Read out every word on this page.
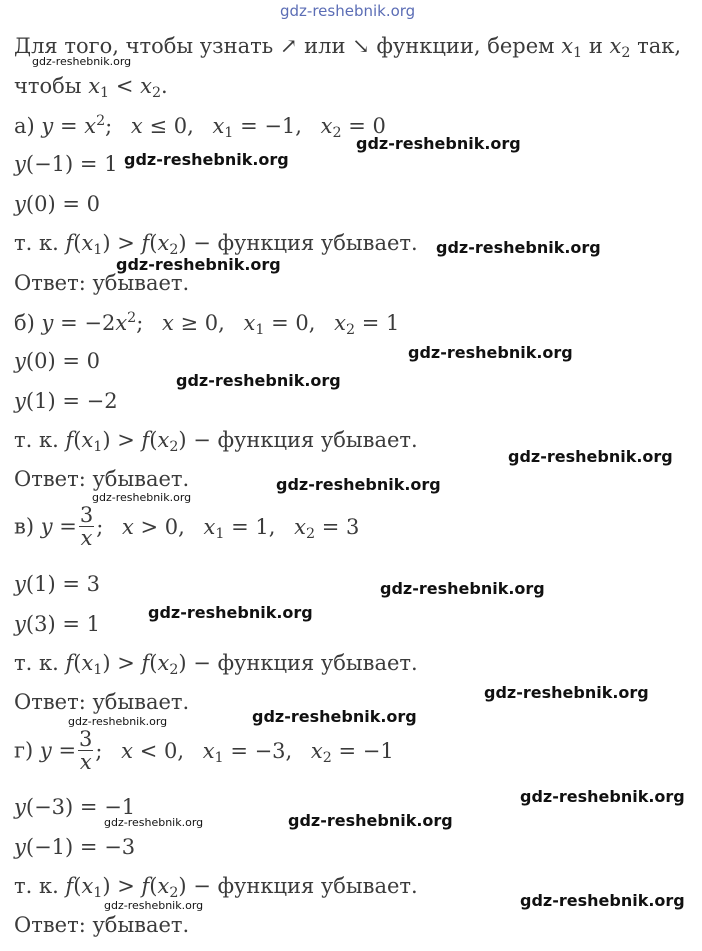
gdz-reshebnik.org
Для того, чтобы узнать ↗ или ↘ функции, берем $x_1$ и $x_2$ так,
чтобы $x_1 < x_2$.
а) $y = x^2$; x ≤ 0, $x_1 = -1$, $x_2 = 0$
y(−1) = 1
y(0) = 0
т. к. $f(x_1) > f(x_2)$ − функция убывает.
Ответ: убывает.
б) $y = -2x^2$; x ≥ 0, $x_1 = 0$, $x_2 = 1$
y(0) = 0
y(1) = −2
т. к. $f(x_1) > f(x_2)$ − функция убывает.
Ответ: убывает.
в) $y = \frac{3}{x}$ ; x > 0, $x_1 = 1$, $x_2 = 3$
y(1) = 3
y(3) = 1
т. к. $f(x_1) > f(x_2)$ − функция убывает.
Ответ: убывает.
г) $y = \frac{3}{x}$ ; x < 0, $x_1 = -3$, $x_2 = -1$
y(−3) = −1
y(−1) = −3
т. к. $f(x_1) > f(x_2)$ − функция убывает.
Ответ: убывает.
gdz-reshebnik.org
gdz-reshebnik.org
gdz-reshebnik.org
gdz-reshebnik.org
gdz-reshebnik.org
gdz-reshebnik.org
gdz-reshebnik.org
gdz-reshebnik.org
gdz-reshebnik.org
gdz-reshebnik.org
gdz-reshebnik.org
gdz-reshebnik.org
gdz-reshebnik.org
gdz-reshebnik.org
gdz-reshebnik.org
gdz-reshebnik.org
gdz-reshebnik.org
gdz-reshebnik.org
gdz-reshebnik.org	gdz-reshebnik.org
